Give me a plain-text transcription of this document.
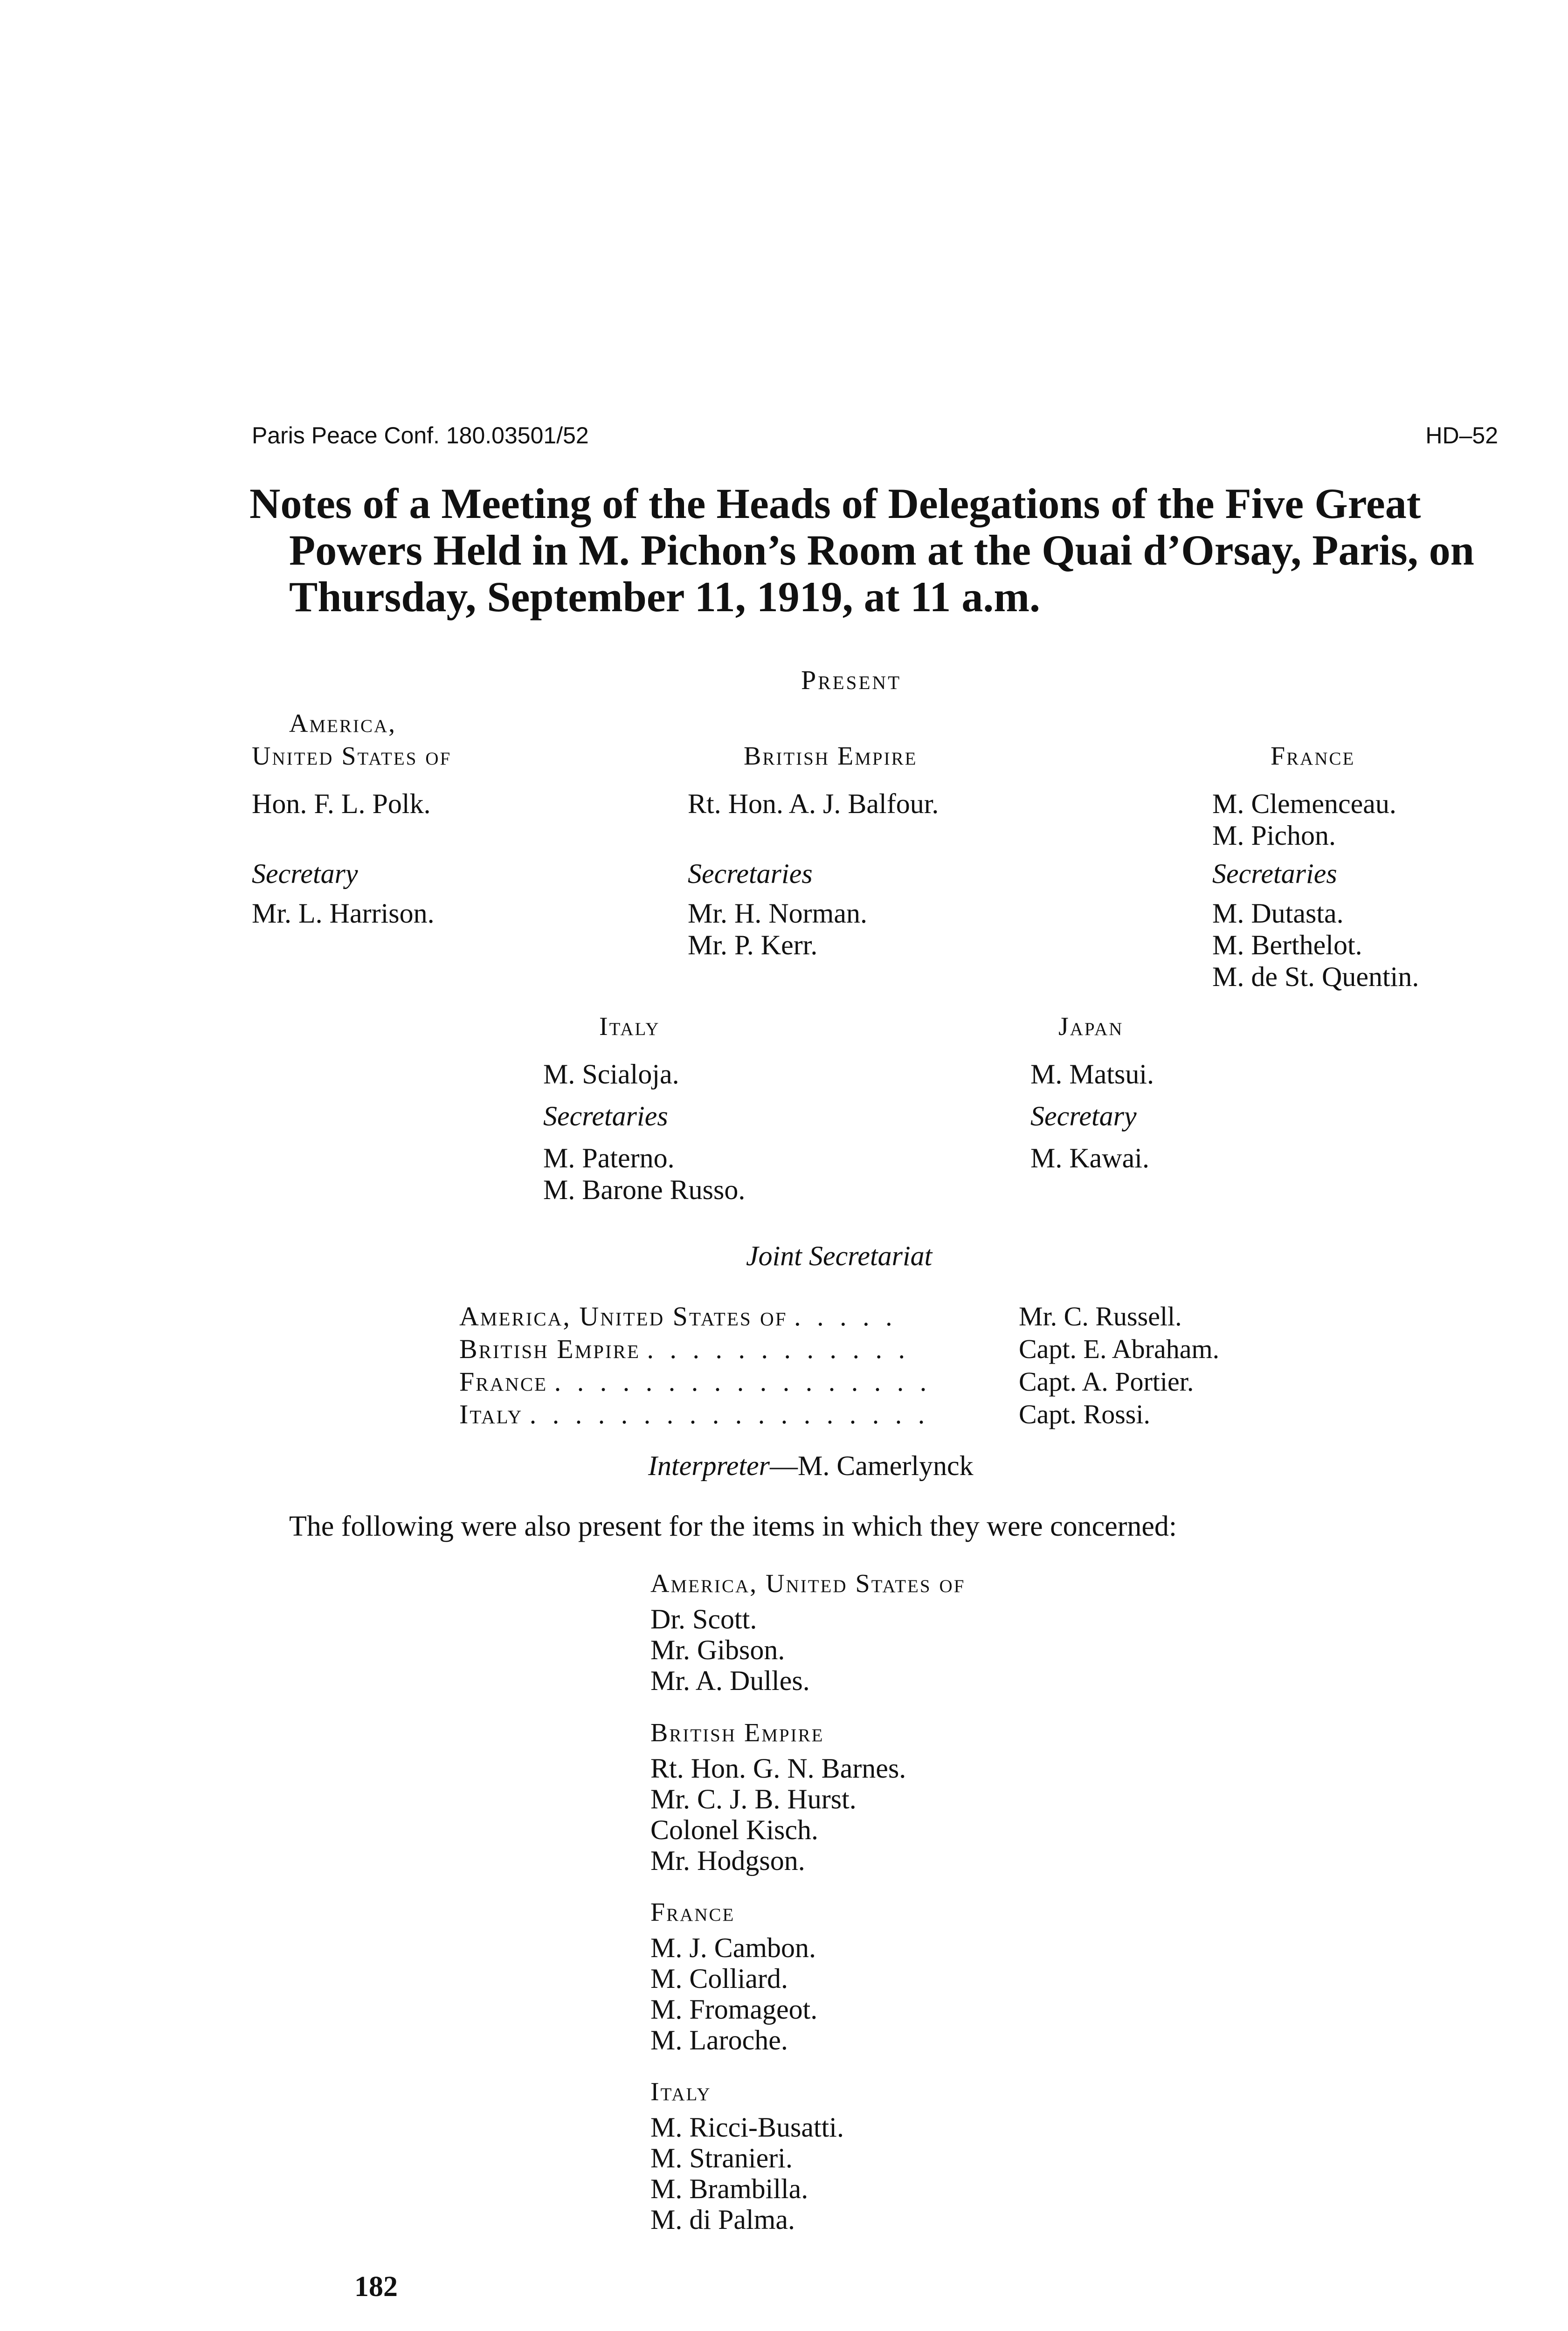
Paris Peace Conf. 180.03501/52	HD–52
Notes of a Meeting of the Heads of Delegations of the Five Great
Powers Held in M. Pichon’s Room at the Quai d’Orsay, Paris, on
Thursday, September 11, 1919, at 11 a.m.
Present
America,
United States of
Hon. F. L. Polk.
Secretary
Mr. L. Harrison.
British Empire
Rt. Hon. A. J. Balfour.
Secretaries
Mr. H. Norman.
Mr. P. Kerr.
France
M. Clemenceau.
M. Pichon.
Secretaries
M. Dutasta.
M. Berthelot.
M. de St. Quentin.
Italy
M. Scialoja.
Secretaries
M. Paterno.
M. Barone Russo.
Japan
M. Matsui.
Secretary
M. Kawai.
Joint Secretariat
America, United States of . . . . .	Mr. C. Russell.
British Empire . . . . . . . . . . . .	Capt. E. Abraham.
France . . . . . . . . . . . . . . . . .	Capt. A. Portier.
Italy . . . . . . . . . . . . . . . . . .	Capt. Rossi.
Interpreter—M. Camerlynck
The following were also present for the items in which they were concerned:
America, United States of
Dr. Scott.
Mr. Gibson.
Mr. A. Dulles.
British Empire
Rt. Hon. G. N. Barnes.
Mr. C. J. B. Hurst.
Colonel Kisch.
Mr. Hodgson.
France
M. J. Cambon.
M. Colliard.
M. Fromageot.
M. Laroche.
Italy
M. Ricci-Busatti.
M. Stranieri.
M. Brambilla.
M. di Palma.
182
